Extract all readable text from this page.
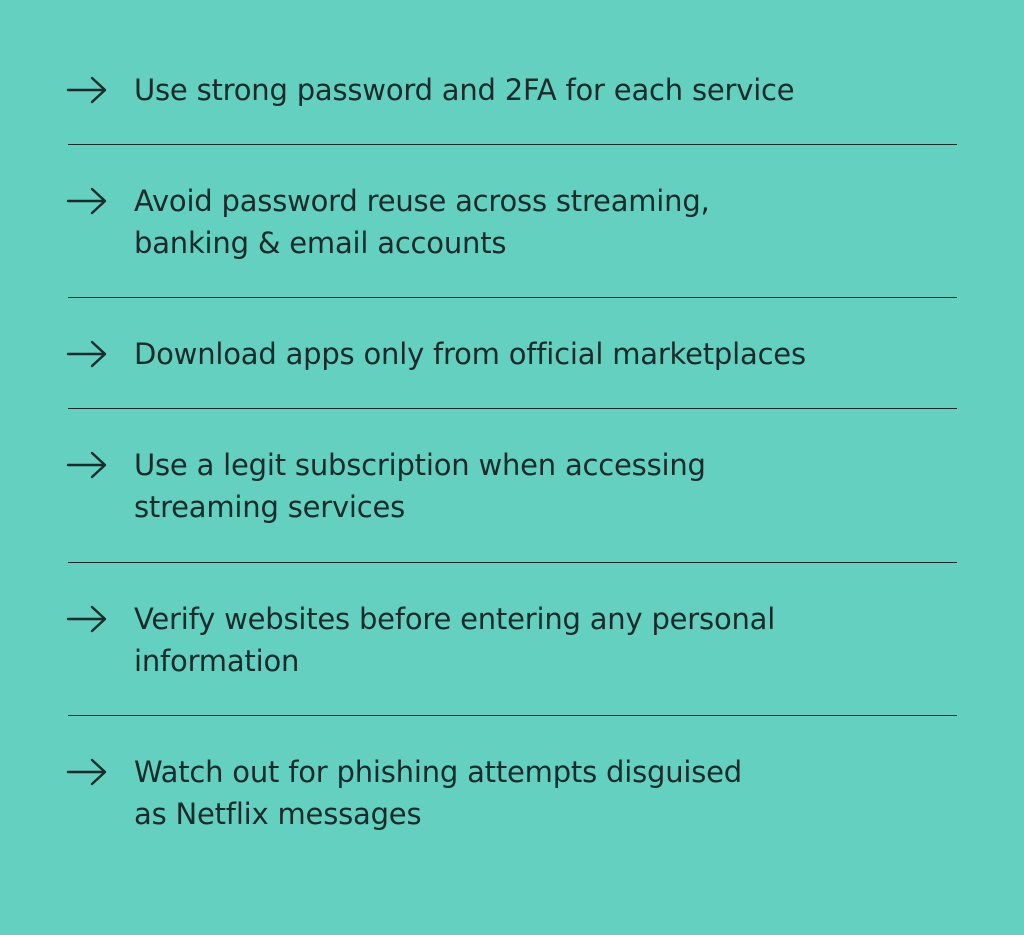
Use strong password and 2FA for each service
Avoid password reuse across streaming,
banking & email accounts
Download apps only from official marketplaces
Use a legit subscription when accessing
streaming services
Verify websites before entering any personal
information
Watch out for phishing attempts disguised
as Netflix messages
